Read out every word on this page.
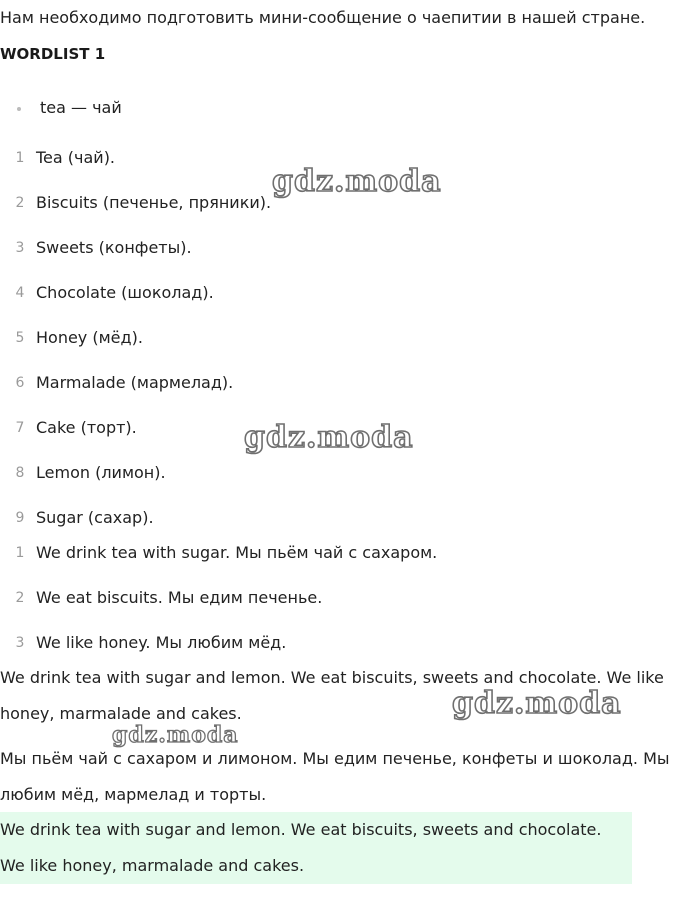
Нам необходимо подготовить мини-сообщение о чаепитии в нашей стране.
WORDLIST 1
tea — чай
1 Tea (чай).
2 Biscuits (печенье, пряники).
3 Sweets (конфеты).
4 Chocolate (шоколад).
5 Honey (мёд).
6 Marmalade (мармелад).
7 Cake (торт).
8 Lemon (лимон).
9 Sugar (сахар).
1 We drink tea with sugar. Мы пьём чай с сахаром.
2 We eat biscuits. Мы едим печенье.
3 We like honey. Мы любим мёд.
We drink tea with sugar and lemon. We eat biscuits, sweets and chocolate. We like honey, marmalade and cakes.
Мы пьём чай с сахаром и лимоном. Мы едим печенье, конфеты и шоколад. Мы любим мёд, мармелад и торты.
We drink tea with sugar and lemon. We eat biscuits, sweets and chocolate.
We like honey, marmalade and cakes.
gdz.moda
gdz.moda
gdz.moda
gdz.moda
